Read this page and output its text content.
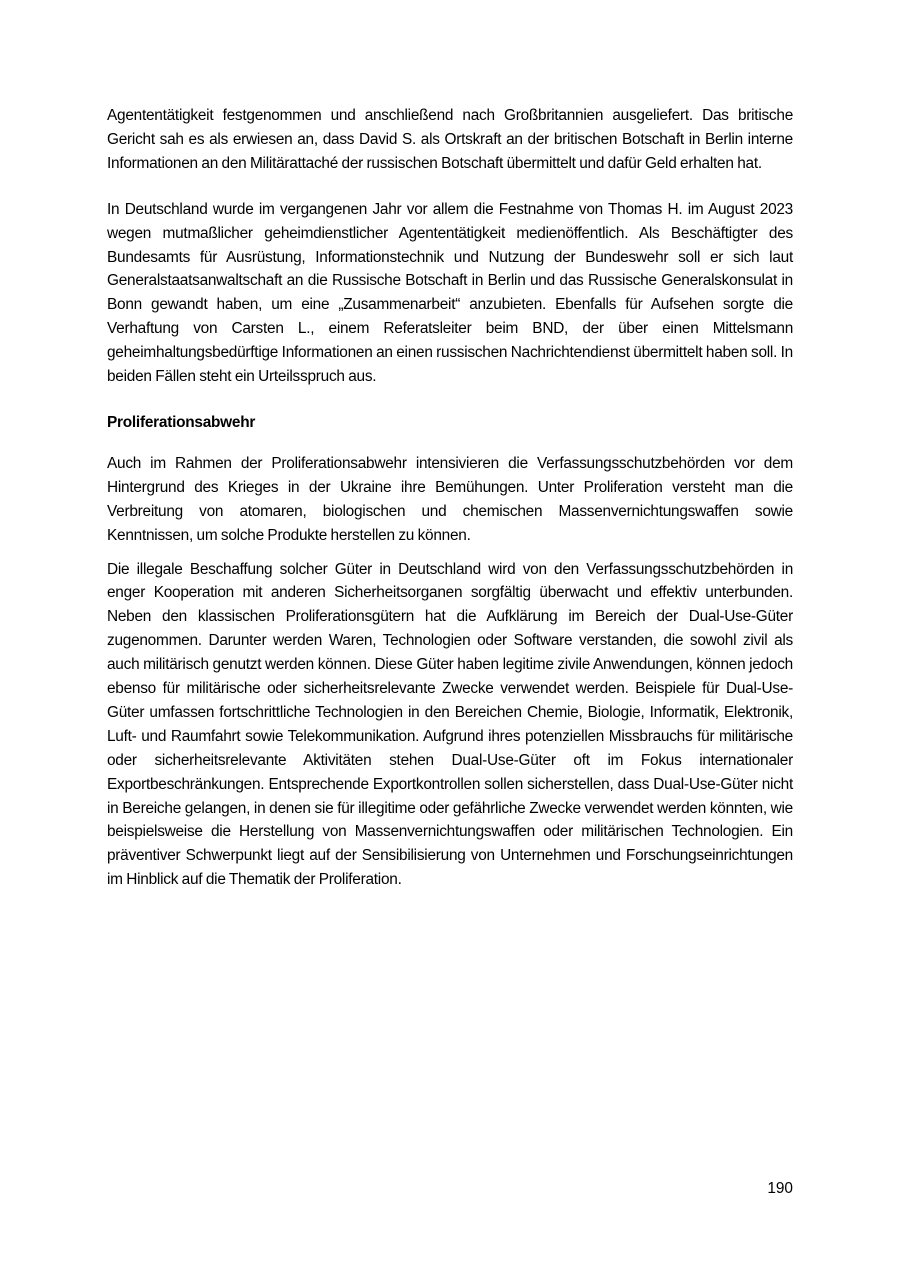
Agententätigkeit festgenommen und anschließend nach Großbritannien ausgeliefert. Das britische Gericht sah es als erwiesen an, dass David S. als Ortskraft an der britischen Botschaft in Berlin interne Informationen an den Militärattaché der russischen Botschaft übermittelt und dafür Geld erhalten hat.

In Deutschland wurde im vergangenen Jahr vor allem die Festnahme von Thomas H. im August 2023 wegen mutmaßlicher geheimdienstlicher Agententätigkeit medienöffentlich. Als Beschäftigter des Bundesamts für Ausrüstung, Informationstechnik und Nutzung der Bundeswehr soll er sich laut Generalstaatsanwaltschaft an die Russische Botschaft in Berlin und das Russische Generalskonsulat in Bonn gewandt haben, um eine „Zusammenarbeit“ anzubieten. Ebenfalls für Aufsehen sorgte die Verhaftung von Carsten L., einem Referatsleiter beim BND, der über einen Mittelsmann geheimhaltungsbedürftige Informationen an einen russischen Nachrichtendienst übermittelt haben soll. In beiden Fällen steht ein Urteilsspruch aus.

Proliferationsabwehr

Auch im Rahmen der Proliferationsabwehr intensivieren die Verfassungsschutzbehörden vor dem Hintergrund des Krieges in der Ukraine ihre Bemühungen. Unter Proliferation versteht man die Verbreitung von atomaren, biologischen und chemischen Massenvernichtungswaffen sowie Kenntnissen, um solche Produkte herstellen zu können.

Die illegale Beschaffung solcher Güter in Deutschland wird von den Verfassungsschutzbehörden in enger Kooperation mit anderen Sicherheitsorganen sorgfältig überwacht und effektiv unterbunden. Neben den klassischen Proliferationsgütern hat die Aufklärung im Bereich der Dual-Use-Güter zugenommen. Darunter werden Waren, Technologien oder Software verstanden, die sowohl zivil als auch militärisch genutzt werden können. Diese Güter haben legitime zivile Anwendungen, können jedoch ebenso für militärische oder sicherheitsrelevante Zwecke verwendet werden. Beispiele für Dual-Use-Güter umfassen fortschrittliche Technologien in den Bereichen Chemie, Biologie, Informatik, Elektronik, Luft- und Raumfahrt sowie Telekommunikation. Aufgrund ihres potenziellen Missbrauchs für militärische oder sicherheitsrelevante Aktivitäten stehen Dual-Use-Güter oft im Fokus internationaler Exportbeschränkungen. Entsprechende Exportkontrollen sollen sicherstellen, dass Dual-Use-Güter nicht in Bereiche gelangen, in denen sie für illegitime oder gefährliche Zwecke verwendet werden könnten, wie beispielsweise die Herstellung von Massenvernichtungswaffen oder militärischen Technologien. Ein präventiver Schwerpunkt liegt auf der Sensibilisierung von Unternehmen und Forschungseinrichtungen im Hinblick auf die Thematik der Proliferation.

190
